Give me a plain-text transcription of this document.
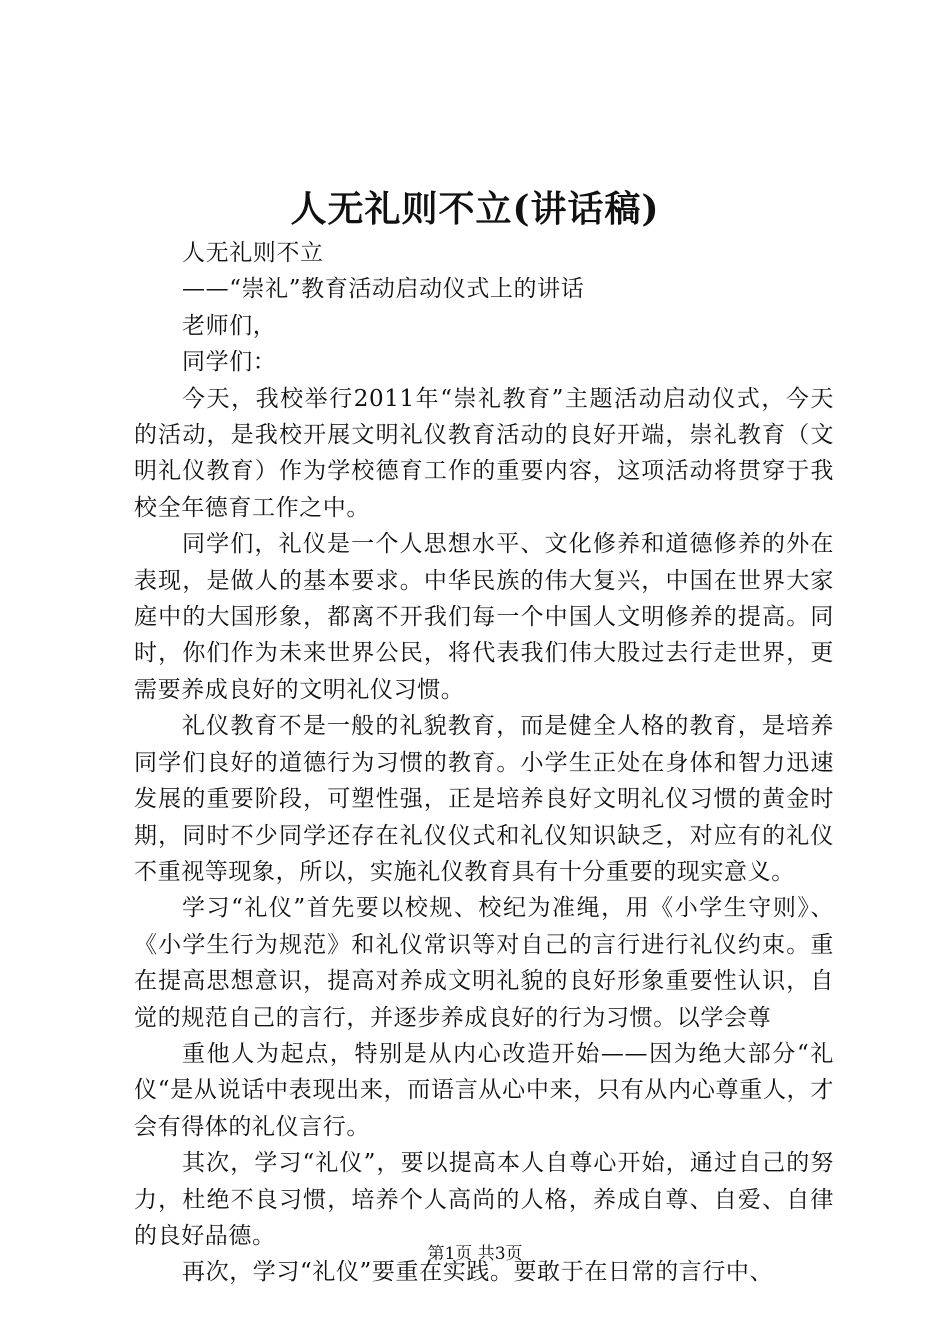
人无礼则不立(讲话稿)

人无礼则不立

——“崇礼”教育活动启动仪式上的讲话

老师们，

同学们：

今天，我校举行2011年“崇礼教育”主题活动启动仪式，今天的活动，是我校开展文明礼仪教育活动的良好开端，崇礼教育（文明礼仪教育）作为学校德育工作的重要内容，这项活动将贯穿于我校全年德育工作之中。

同学们，礼仪是一个人思想水平、文化修养和道德修养的外在表现，是做人的基本要求。中华民族的伟大复兴，中国在世界大家庭中的大国形象，都离不开我们每一个中国人文明修养的提高。同时，你们作为未来世界公民，将代表我们伟大股过去行走世界，更需要养成良好的文明礼仪习惯。

礼仪教育不是一般的礼貌教育，而是健全人格的教育，是培养同学们良好的道德行为习惯的教育。小学生正处在身体和智力迅速发展的重要阶段，可塑性强，正是培养良好文明礼仪习惯的黄金时期，同时不少同学还存在礼仪仪式和礼仪知识缺乏，对应有的礼仪不重视等现象，所以，实施礼仪教育具有十分重要的现实意义。

学习“礼仪”首先要以校规、校纪为准绳，用《小学生守则》、《小学生行为规范》和礼仪常识等对自己的言行进行礼仪约束。重在提高思想意识，提高对养成文明礼貌的良好形象重要性认识，自觉的规范自己的言行，并逐步养成良好的行为习惯。以学会尊

重他人为起点，特别是从内心改造开始——因为绝大部分“礼仪“是从说话中表现出来，而语言从心中来，只有从内心尊重人，才会有得体的礼仪言行。

其次，学习“礼仪”，要以提高本人自尊心开始，通过自己的努力，杜绝不良习惯，培养个人高尚的人格，养成自尊、自爱、自律的良好品德。

再次，学习“礼仪”要重在实践。要敢于在日常的言行中、

第1页 共3页
